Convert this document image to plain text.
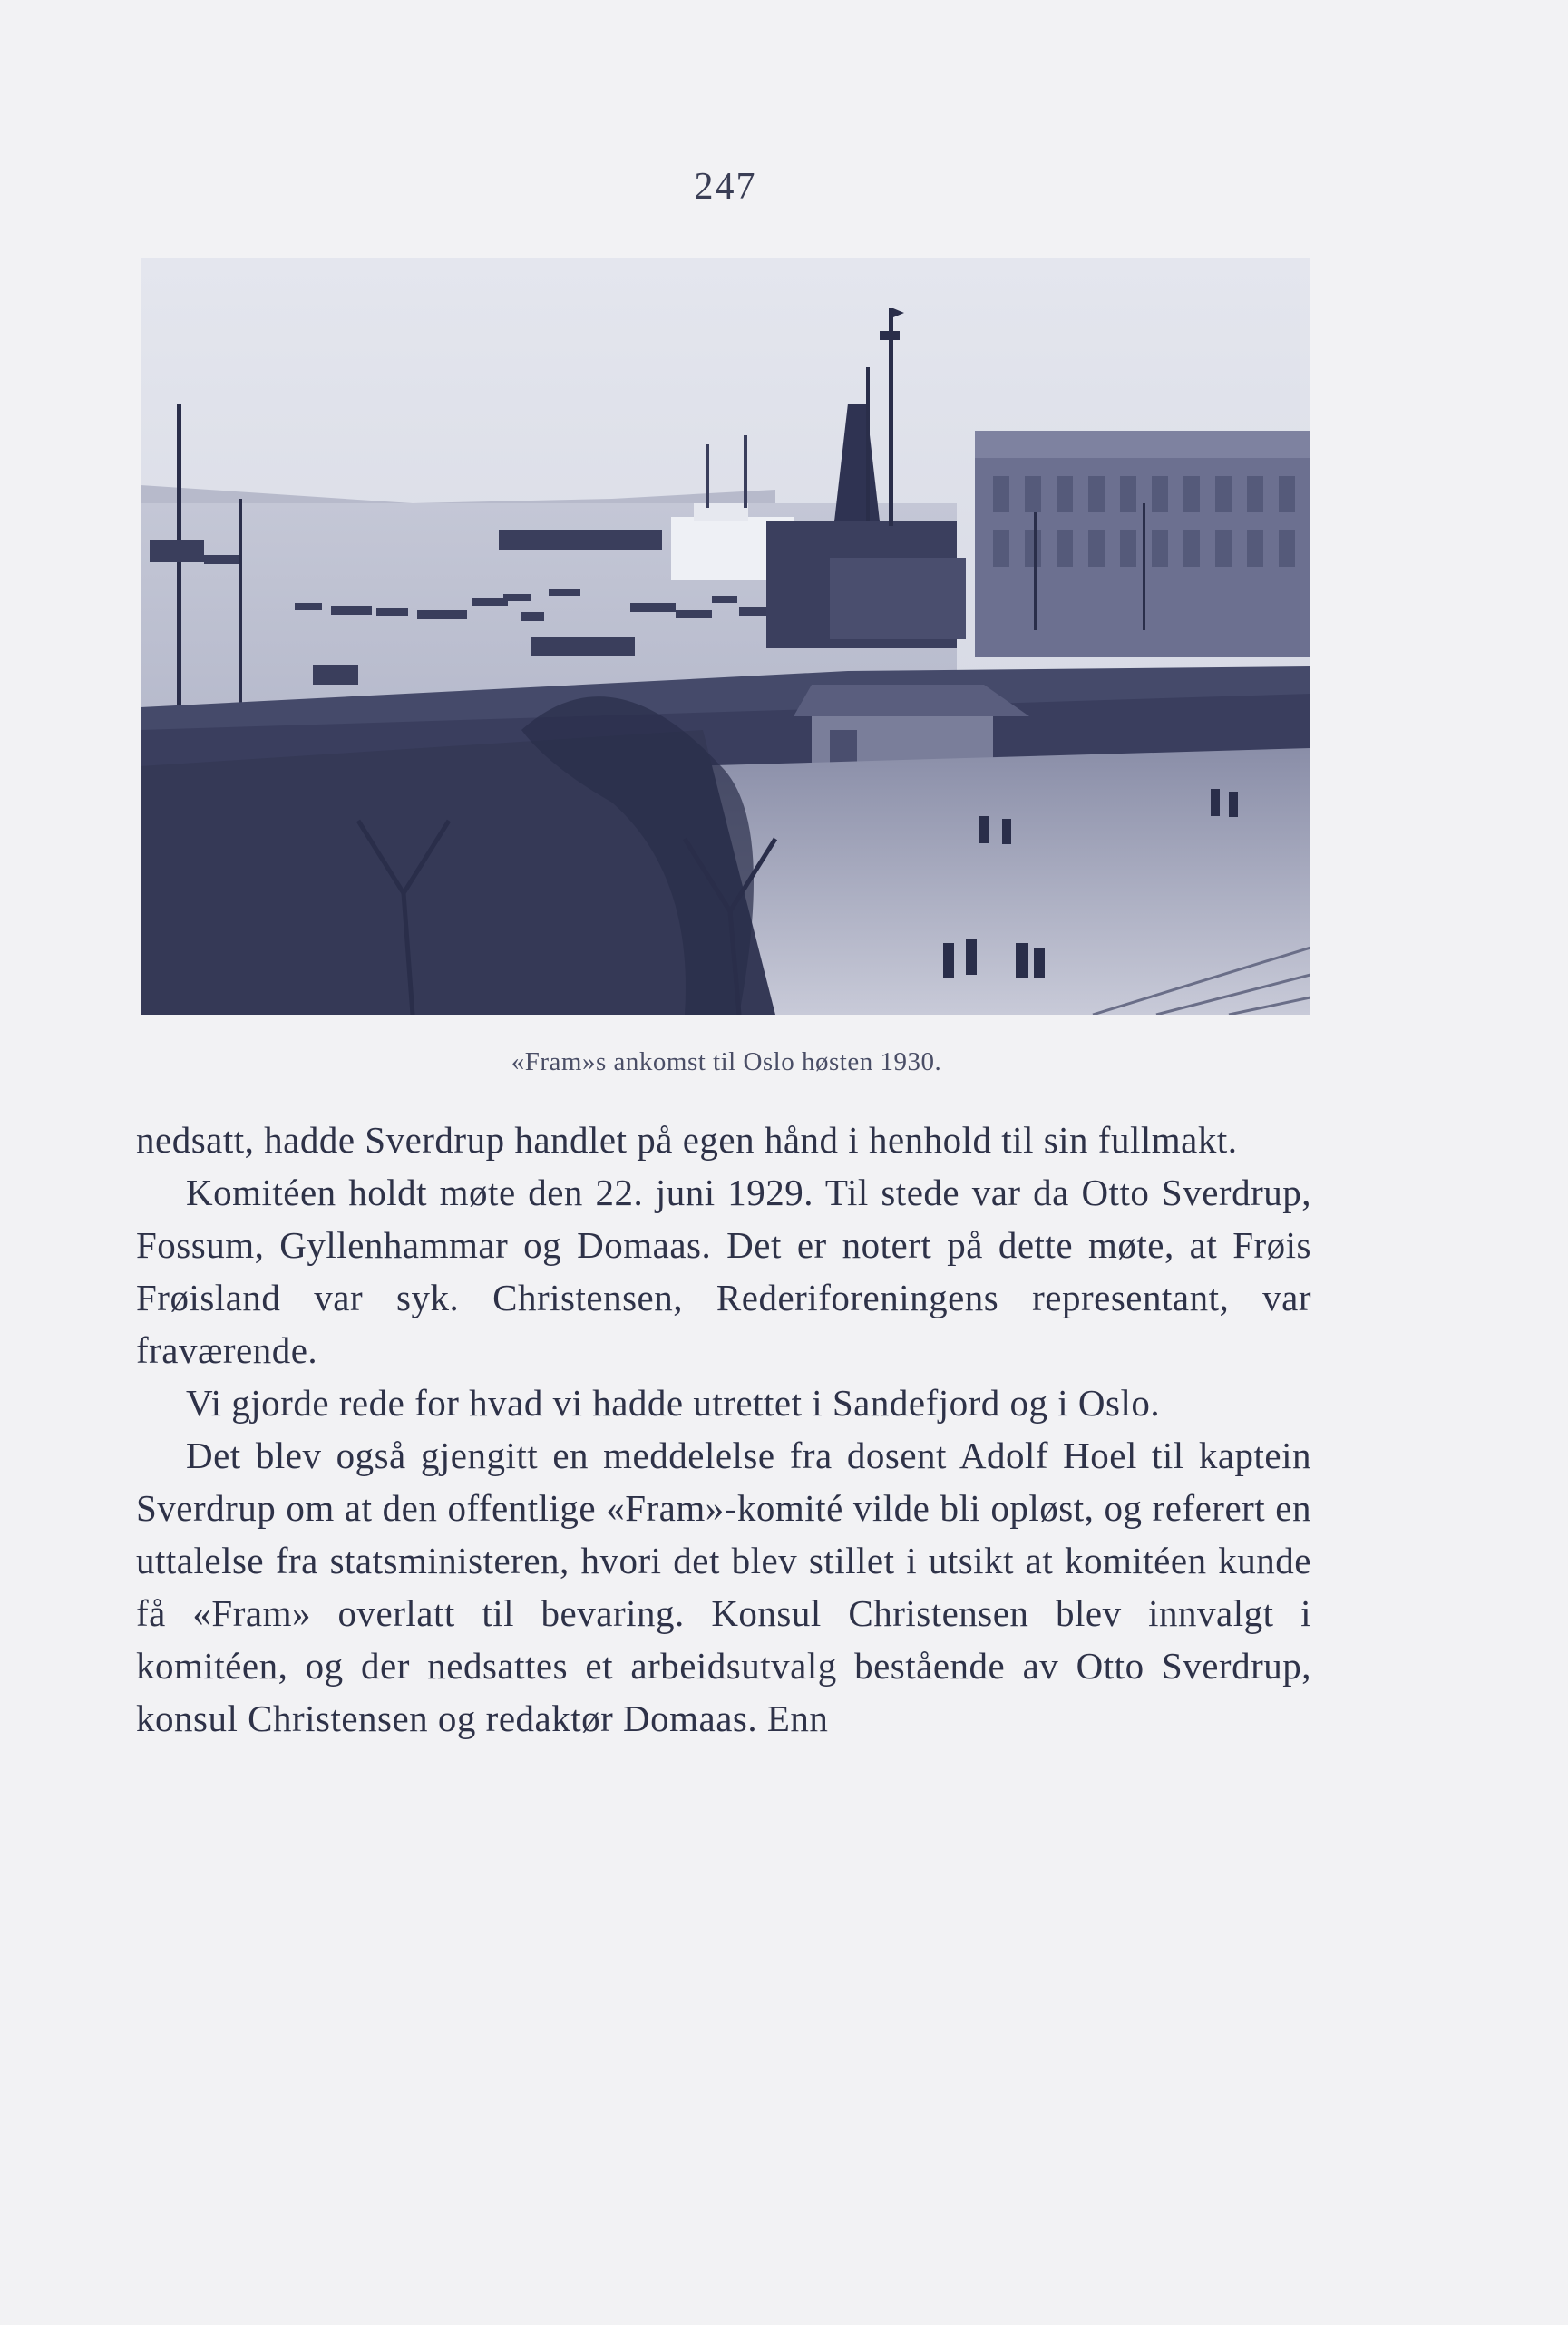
247
«Fram»s ankomst til Oslo høsten 1930.

nedsatt, hadde Sverdrup handlet på egen hånd i henhold til sin fullmakt.

Komitéen holdt møte den 22. juni 1929. Til stede var da Otto Sverdrup, Fossum, Gyllenhammar og Domaas. Det er notert på dette møte, at Frøis Frøisland var syk. Christensen, Rederiforeningens representant, var fraværende.

Vi gjorde rede for hvad vi hadde utrettet i Sandefjord og i Oslo.

Det blev også gjengitt en meddelelse fra dosent Adolf Hoel til kaptein Sverdrup om at den offentlige «Fram»-komité vilde bli opløst, og referert en uttalelse fra statsministeren, hvori det blev stillet i utsikt at komitéen kunde få «Fram» overlatt til bevaring. Konsul Christensen blev innvalgt i komitéen, og der nedsattes et arbeidsutvalg bestående av Otto Sverdrup, konsul Christensen og redaktør Domaas. Enn
